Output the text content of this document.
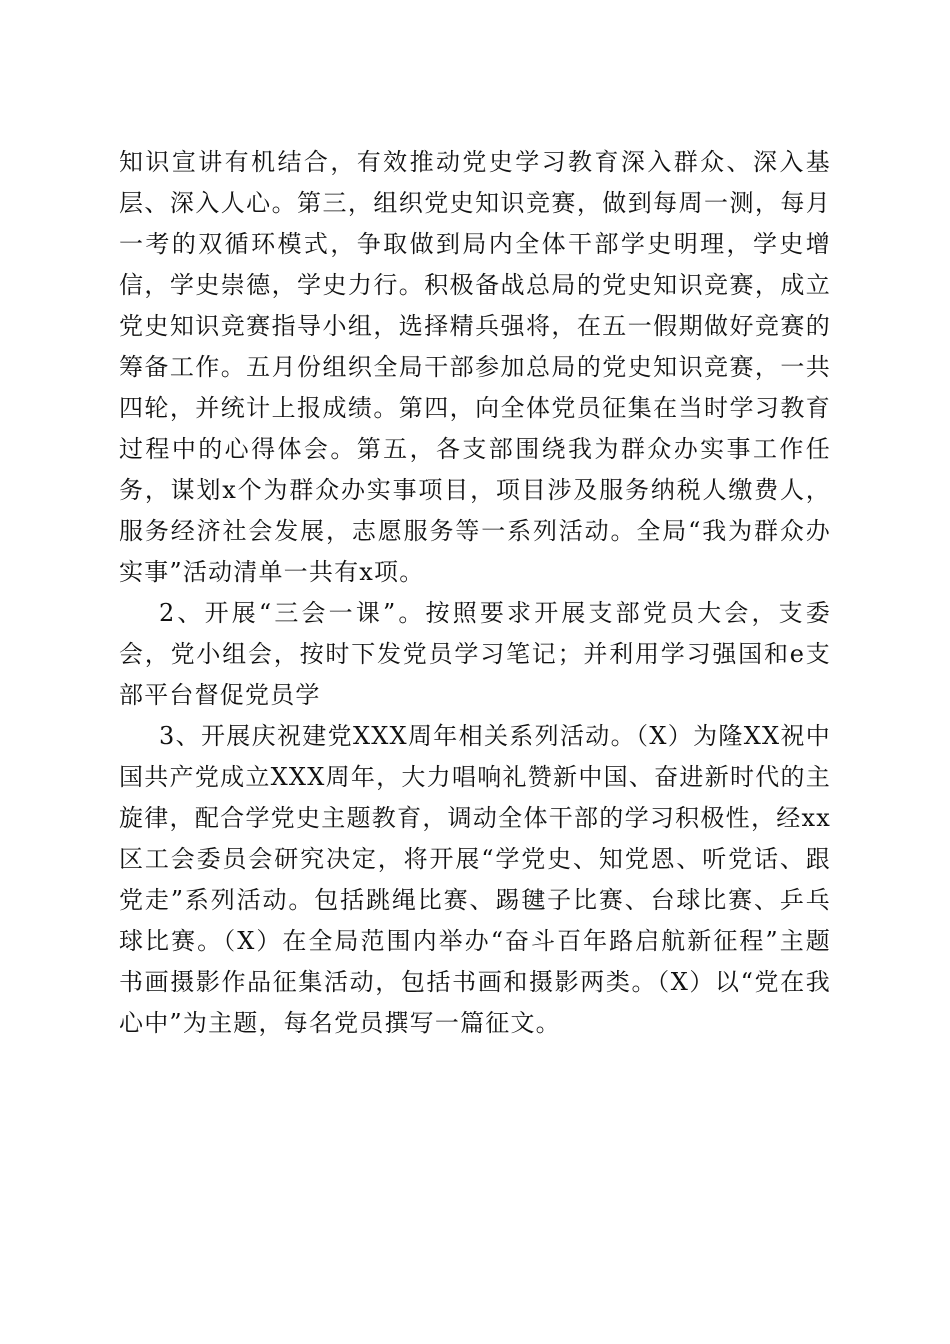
知识宣讲有机结合，有效推动党史学习教育深入群众、深入基层、深入人心。第三，组织党史知识竞赛，做到每周一测，每月一考的双循环模式，争取做到局内全体干部学史明理，学史增信，学史崇德，学史力行。积极备战总局的党史知识竞赛，成立党史知识竞赛指导小组，选择精兵强将，在五一假期做好竞赛的筹备工作。五月份组织全局干部参加总局的党史知识竞赛，一共四轮，并统计上报成绩。第四，向全体党员征集在当时学习教育过程中的心得体会。第五，各支部围绕我为群众办实事工作任务，谋划x个为群众办实事项目，项目涉及服务纳税人缴费人，服务经济社会发展，志愿服务等一系列活动。全局“我为群众办实事”活动清单一共有x项。

2、开展“三会一课”。按照要求开展支部党员大会，支委会，党小组会，按时下发党员学习笔记；并利用学习强国和e支部平台督促党员学

3、开展庆祝建党XXX周年相关系列活动。（X）为隆XX祝中国共产党成立XXX周年，大力唱响礼赞新中国、奋进新时代的主旋律，配合学党史主题教育，调动全体干部的学习积极性，经xx区工会委员会研究决定，将开展“学党史、知党恩、听党话、跟党走”系列活动。包括跳绳比赛、踢毽子比赛、台球比赛、乒乓球比赛。（X）在全局范围内举办“奋斗百年路启航新征程”主题书画摄影作品征集活动，包括书画和摄影两类。（X）以“党在我心中”为主题，每名党员撰写一篇征文。
